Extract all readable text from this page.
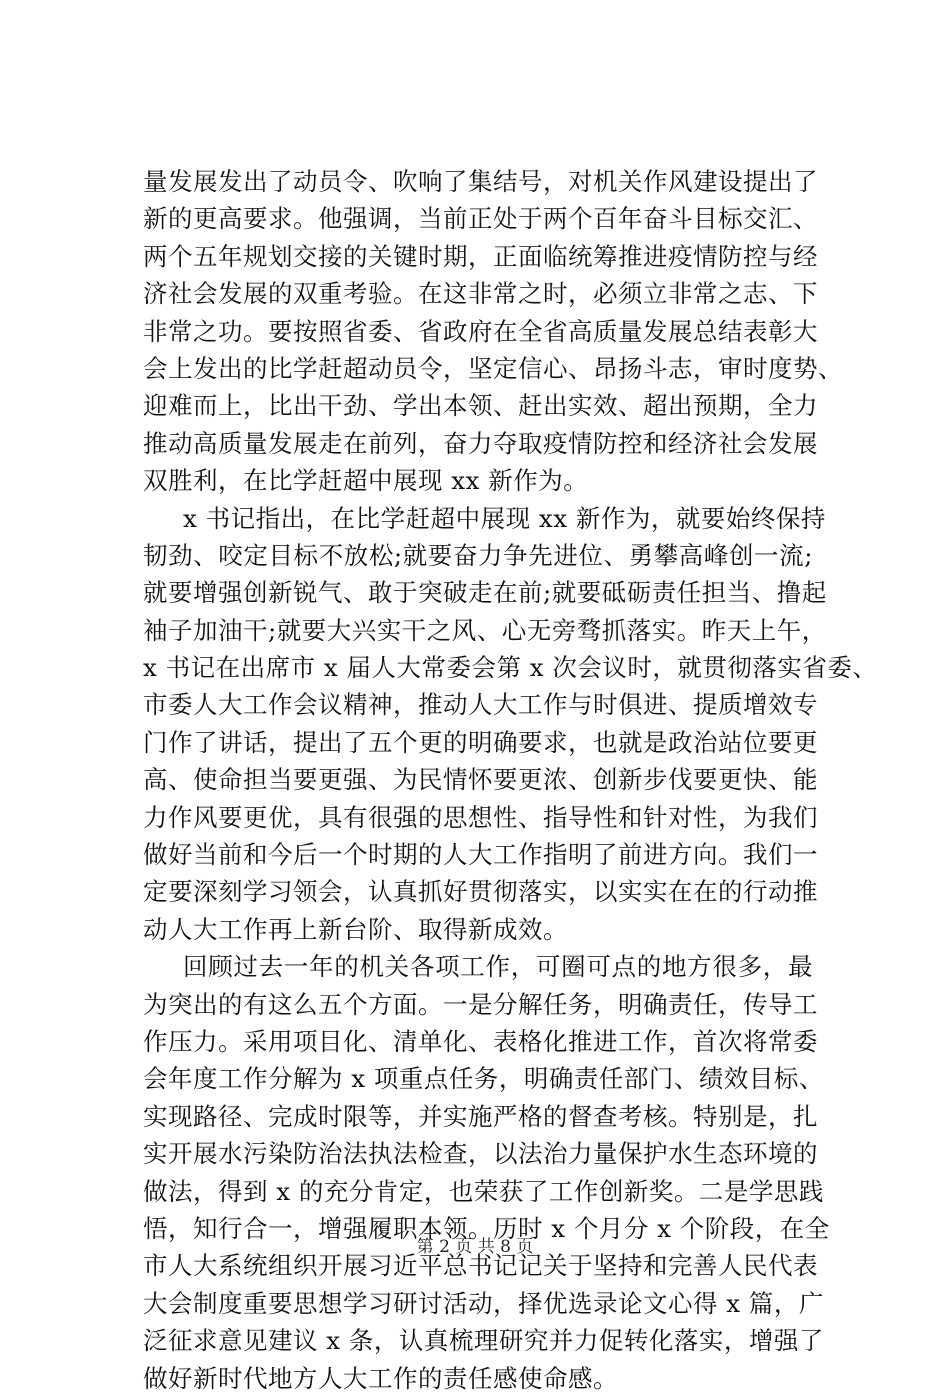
量发展发出了动员令、吹响了集结号，对机关作风建设提出了
新的更高要求。他强调，当前正处于两个百年奋斗目标交汇、
两个五年规划交接的关键时期，正面临统筹推进疫情防控与经
济社会发展的双重考验。在这非常之时，必须立非常之志、下
非常之功。要按照省委、省政府在全省高质量发展总结表彰大
会上发出的比学赶超动员令，坚定信心、昂扬斗志，审时度势、
迎难而上，比出干劲、学出本领、赶出实效、超出预期，全力
推动高质量发展走在前列，奋力夺取疫情防控和经济社会发展
双胜利，在比学赶超中展现 xx 新作为。
x 书记指出，在比学赶超中展现 xx 新作为，就要始终保持
韧劲、咬定目标不放松;就要奋力争先进位、勇攀高峰创一流;
就要增强创新锐气、敢于突破走在前;就要砥砺责任担当、撸起
袖子加油干;就要大兴实干之风、心无旁骛抓落实。昨天上午，
x 书记在出席市 x 届人大常委会第 x 次会议时，就贯彻落实省委、
市委人大工作会议精神，推动人大工作与时俱进、提质增效专
门作了讲话，提出了五个更的明确要求，也就是政治站位要更
高、使命担当要更强、为民情怀要更浓、创新步伐要更快、能
力作风要更优，具有很强的思想性、指导性和针对性，为我们
做好当前和今后一个时期的人大工作指明了前进方向。我们一
定要深刻学习领会，认真抓好贯彻落实，以实实在在的行动推
动人大工作再上新台阶、取得新成效。
回顾过去一年的机关各项工作，可圈可点的地方很多，最
为突出的有这么五个方面。一是分解任务，明确责任，传导工
作压力。采用项目化、清单化、表格化推进工作，首次将常委
会年度工作分解为 x 项重点任务，明确责任部门、绩效目标、
实现路径、完成时限等，并实施严格的督查考核。特别是，扎
实开展水污染防治法执法检查，以法治力量保护水生态环境的
做法，得到 x 的充分肯定，也荣获了工作创新奖。二是学思践
悟，知行合一，增强履职本领。历时 x 个月分 x 个阶段，在全
市人大系统组织开展习近平总书记记关于坚持和完善人民代表
大会制度重要思想学习研讨活动，择优选录论文心得 x 篇，广
泛征求意见建议 x 条，认真梳理研究并力促转化落实，增强了
做好新时代地方人大工作的责任感使命感。
第 2 页 共 8 页
